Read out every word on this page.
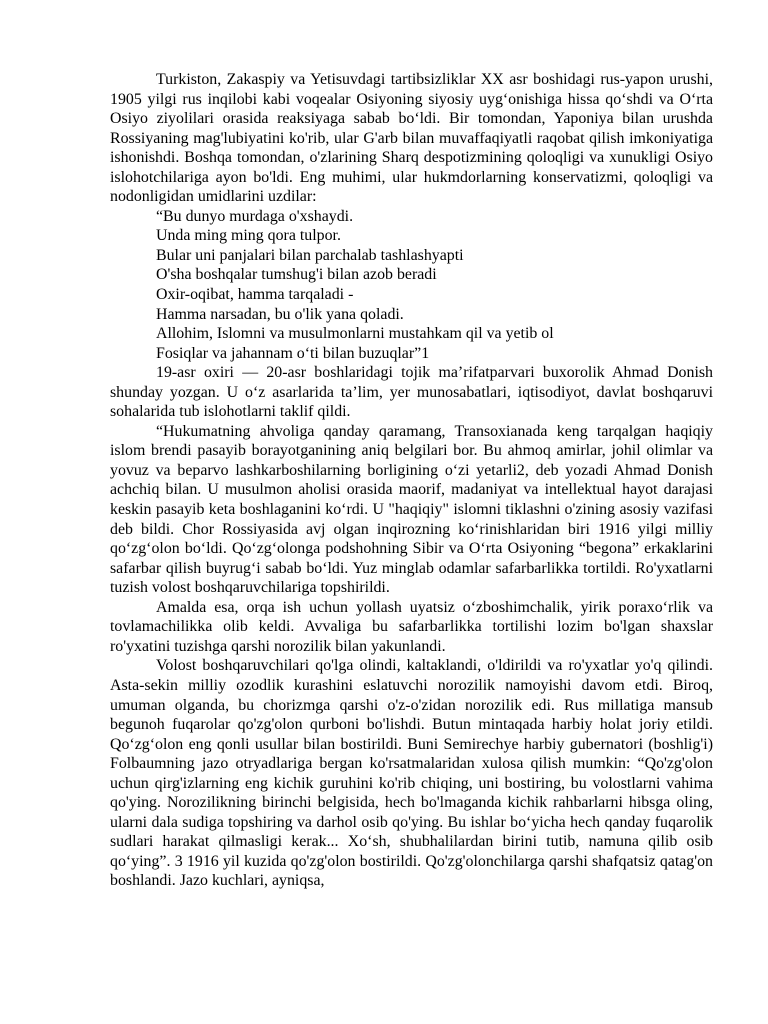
Turkiston, Zakaspiy va Yetisuvdagi tartibsizliklar XX asr boshidagi rus-yapon urushi, 1905 yilgi rus inqilobi kabi voqealar Osiyoning siyosiy uyg‘onishiga hissa qo‘shdi va O‘rta Osiyo ziyolilari orasida reaksiyaga sabab bo‘ldi. Bir tomondan, Yaponiya bilan urushda Rossiyaning mag'lubiyatini ko'rib, ular G'arb bilan muvaffaqiyatli raqobat qilish imkoniyatiga ishonishdi. Boshqa tomondan, o'zlarining Sharq despotizmining qoloqligi va xunukligi Osiyo islohotchilariga ayon bo'ldi. Eng muhimi, ular hukmdorlarning konservatizmi, qoloqligi va nodonligidan umidlarini uzdilar:

“Bu dunyo murdaga o'xshaydi.

Unda ming ming qora tulpor.

Bular uni panjalari bilan parchalab tashlashyapti

O'sha boshqalar tumshug'i bilan azob beradi

Oxir-oqibat, hamma tarqaladi -

Hamma narsadan, bu o'lik yana qoladi.

Allohim, Islomni va musulmonlarni mustahkam qil va yetib ol

Fosiqlar va jahannam o‘ti bilan buzuqlar”1

19-asr oxiri — 20-asr boshlaridagi tojik ma’rifatparvari buxorolik Ahmad Donish shunday yozgan. U o‘z asarlarida ta’lim, yer munosabatlari, iqtisodiyot, davlat boshqaruvi sohalarida tub islohotlarni taklif qildi.

“Hukumatning ahvoliga qanday qaramang, Transoxianada keng tarqalgan haqiqiy islom brendi pasayib borayotganining aniq belgilari bor. Bu ahmoq amirlar, johil olimlar va yovuz va beparvo lashkarboshilarning borligining o‘zi yetarli2, deb yozadi Ahmad Donish achchiq bilan. U musulmon aholisi orasida maorif, madaniyat va intellektual hayot darajasi keskin pasayib keta boshlaganini ko‘rdi. U "haqiqiy" islomni tiklashni o'zining asosiy vazifasi deb bildi. Chor Rossiyasida avj olgan inqirozning ko‘rinishlaridan biri 1916 yilgi milliy qo‘zg‘olon bo‘ldi. Qo‘zg‘olonga podshohning Sibir va O‘rta Osiyoning “begona” erkaklarini safarbar qilish buyrug‘i sabab bo‘ldi. Yuz minglab odamlar safarbarlikka tortildi. Ro'yxatlarni tuzish volost boshqaruvchilariga topshirildi.

Amalda esa, orqa ish uchun yollash uyatsiz o‘zboshimchalik, yirik poraxo‘rlik va tovlamachilikka olib keldi. Avvaliga bu safarbarlikka tortilishi lozim bo'lgan shaxslar ro'yxatini tuzishga qarshi norozilik bilan yakunlandi.

Volost boshqaruvchilari qo'lga olindi, kaltaklandi, o'ldirildi va ro'yxatlar yo'q qilindi. Asta-sekin milliy ozodlik kurashini eslatuvchi norozilik namoyishi davom etdi. Biroq, umuman olganda, bu chorizmga qarshi o'z-o'zidan norozilik edi. Rus millatiga mansub begunoh fuqarolar qo'zg'olon qurboni bo'lishdi. Butun mintaqada harbiy holat joriy etildi. Qo‘zg‘olon eng qonli usullar bilan bostirildi. Buni Semirechye harbiy gubernatori (boshlig'i) Folbaumning jazo otryadlariga bergan ko'rsatmalaridan xulosa qilish mumkin: “Qo'zg'olon uchun qirg'izlarning eng kichik guruhini ko'rib chiqing, uni bostiring, bu volostlarni vahima qo'ying. Norozilikning birinchi belgisida, hech bo'lmaganda kichik rahbarlarni hibsga oling, ularni dala sudiga topshiring va darhol osib qo'ying. Bu ishlar bo‘yicha hech qanday fuqarolik sudlari harakat qilmasligi kerak... Xo‘sh, shubhalilardan birini tutib, namuna qilib osib qo‘ying”. 3 1916 yil kuzida qo'zg'olon bostirildi. Qo'zg'olonchilarga qarshi shafqatsiz qatag'on boshlandi. Jazo kuchlari, ayniqsa,
